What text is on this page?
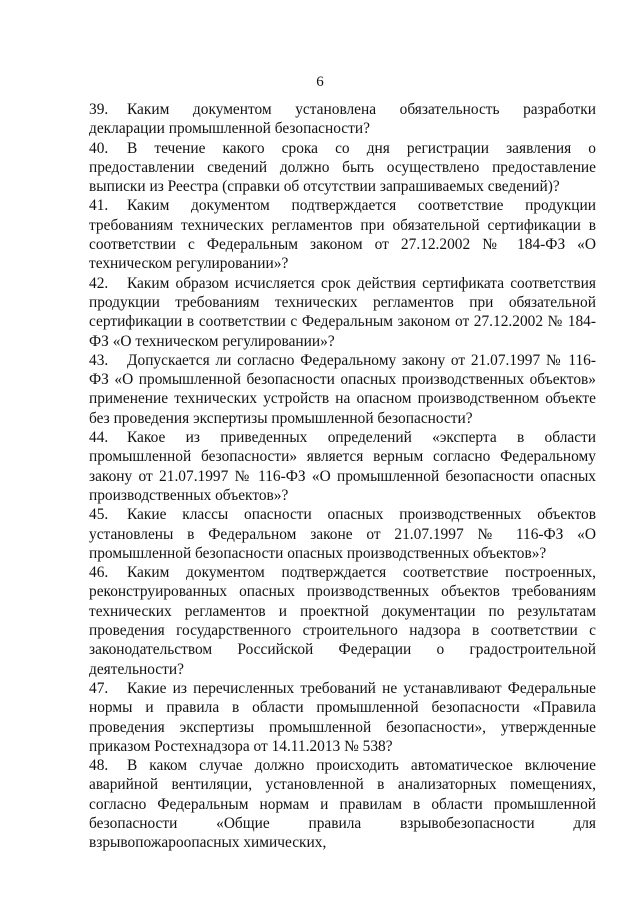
6

39. Каким документом установлена обязательность разработки декларации промышленной безопасности?

40. В течение какого срока со дня регистрации заявления о предоставлении сведений должно быть осуществлено предоставление выписки из Реестра (справки об отсутствии запрашиваемых сведений)?

41. Каким документом подтверждается соответствие продукции требованиям технических регламентов при обязательной сертификации в соответствии с Федеральным законом от 27.12.2002 № 184-ФЗ «О техническом регулировании»?

42. Каким образом исчисляется срок действия сертификата соответствия продукции требованиям технических регламентов при обязательной сертификации в соответствии с Федеральным законом от 27.12.2002 № 184-ФЗ «О техническом регулировании»?

43. Допускается ли согласно Федеральному закону от 21.07.1997 № 116-ФЗ «О промышленной безопасности опасных производственных объектов» применение технических устройств на опасном производственном объекте без проведения экспертизы промышленной безопасности?

44. Какое из приведенных определений «эксперта в области промышленной безопасности» является верным согласно Федеральному закону от 21.07.1997 № 116-ФЗ «О промышленной безопасности опасных производственных объектов»?

45. Какие классы опасности опасных производственных объектов установлены в Федеральном законе от 21.07.1997 № 116-ФЗ «О промышленной безопасности опасных производственных объектов»?

46. Каким документом подтверждается соответствие построенных, реконструированных опасных производственных объектов требованиям технических регламентов и проектной документации по результатам проведения государственного строительного надзора в соответствии с законодательством Российской Федерации о градостроительной деятельности?

47. Какие из перечисленных требований не устанавливают Федеральные нормы и правила в области промышленной безопасности «Правила проведения экспертизы промышленной безопасности», утвержденные приказом Ростехнадзора от 14.11.2013 № 538?

48. В каком случае должно происходить автоматическое включение аварийной вентиляции, установленной в анализаторных помещениях, согласно Федеральным нормам и правилам в области промышленной безопасности «Общие правила взрывобезопасности для взрывопожароопасных химических,
